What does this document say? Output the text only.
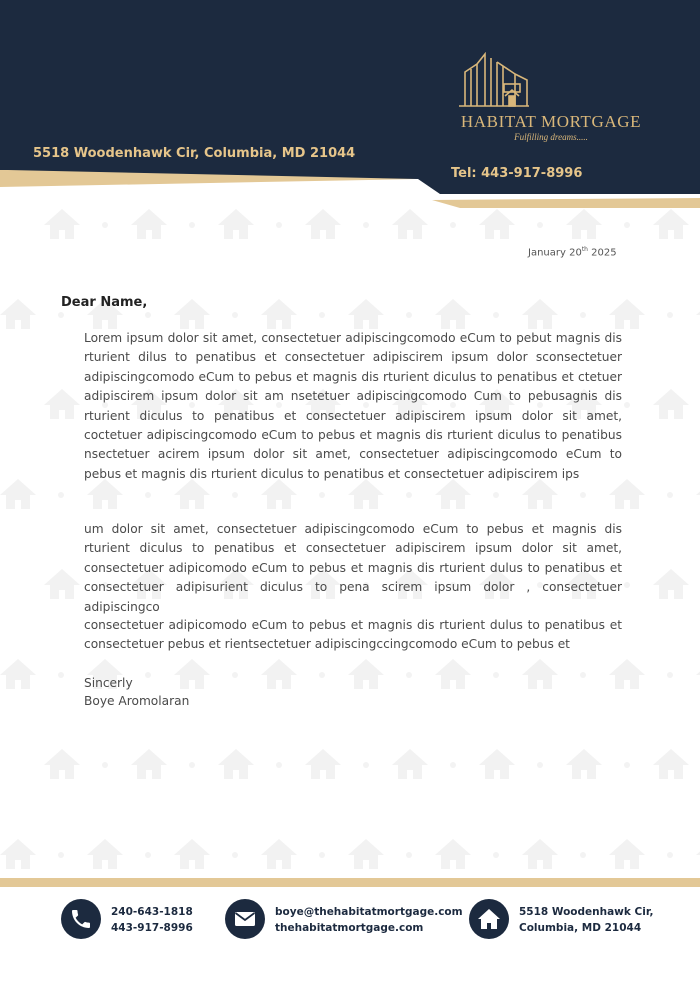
HABITAT MORTGAGE
Fulfilling dreams.....
5518 Woodenhawk Cir, Columbia, MD 21044
Tel: 443-917-8996
January 20th 2025
Dear Name,

Lorem ipsum dolor sit amet, consectetuer adipiscingcomodo eCum to pebut magnis dis rturient dilus to penatibus et consectetuer adipiscirem ipsum dolor sconsectetuer adipiscingcomodo eCum to pebus et magnis dis rturient diculus to penatibus et ctetuer adipiscirem ipsum dolor sit am nsetetuer adipiscingcomodo Cum to pebusagnis dis rturient diculus to penatibus et consectetuer adipiscirem ipsum dolor sit amet, coctetuer adipiscingcomodo eCum to pebus et magnis dis rturient diculus to penatibus nsectetuer acirem ipsum dolor sit amet, consectetuer adipiscingcomodo eCum to pebus et magnis dis rturient diculus to penatibus et consectetuer adipiscirem ips

um dolor sit amet, consectetuer adipiscingcomodo eCum to pebus et magnis dis rturient diculus to penatibus et consectetuer adipiscirem ipsum dolor sit amet, consectetuer adipicomodo eCum to pebus et magnis dis rturient dulus to penatibus et consectetuer adipisurient diculus to pena scirem ipsum dolor , consectetuer adipiscingco

consectetuer adipicomodo eCum to pebus et magnis dis rturient dulus to penatibus et consectetuer pebus et rientsectetuer adipiscingccingcomodo eCum to pebus et

Sincerly
Boye Aromolaran
240-643-1818
443-917-8996
boye@thehabitatmortgage.com
thehabitatmortgage.com
5518 Woodenhawk Cir,
Columbia, MD 21044
